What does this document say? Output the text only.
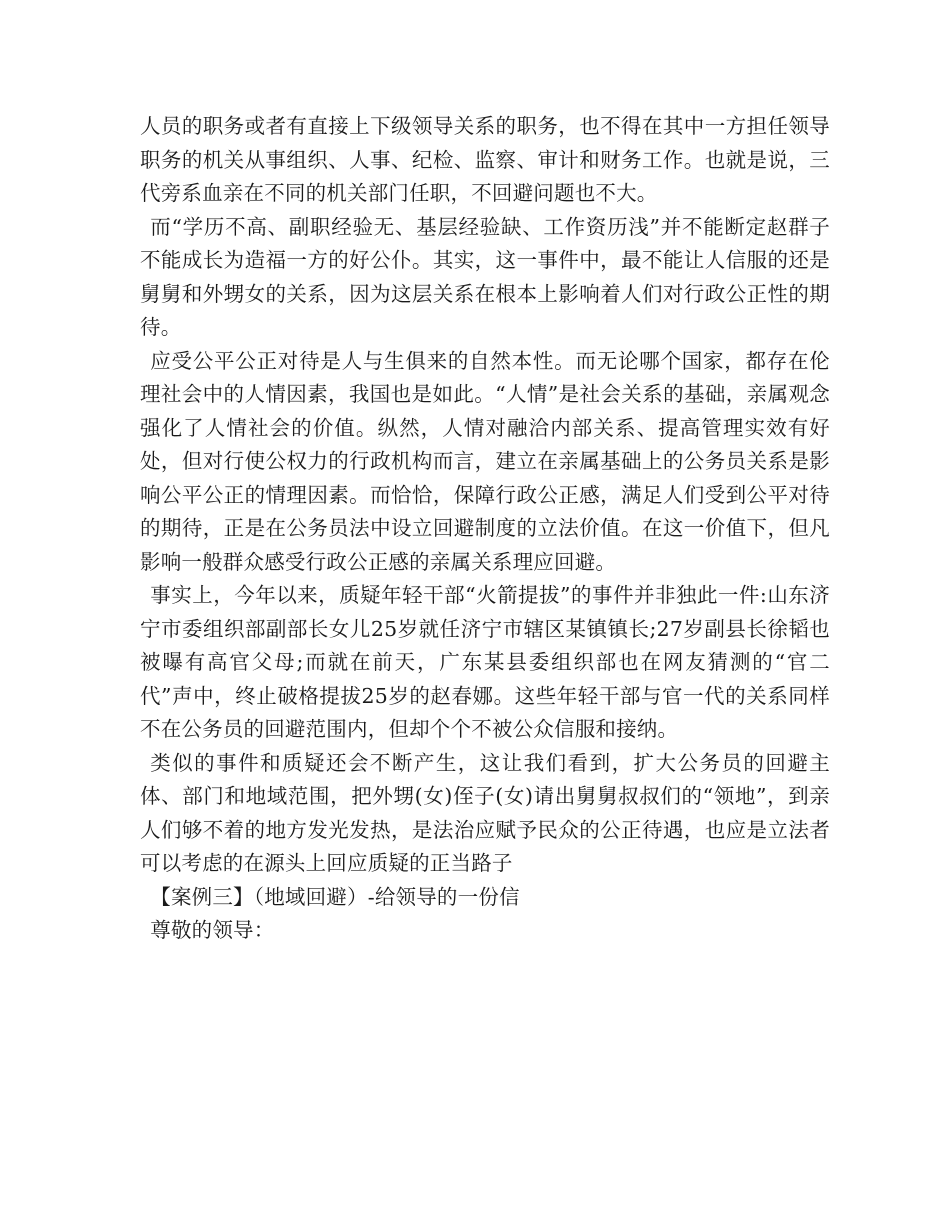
人员的职务或者有直接上下级领导关系的职务，也不得在其中一方担任领导职务的机关从事组织、人事、纪检、监察、审计和财务工作。也就是说，三代旁系血亲在不同的机关部门任职，不回避问题也不大。

而“学历不高、副职经验无、基层经验缺、工作资历浅”并不能断定赵群子不能成长为造福一方的好公仆。其实，这一事件中，最不能让人信服的还是舅舅和外甥女的关系，因为这层关系在根本上影响着人们对行政公正性的期待。

应受公平公正对待是人与生俱来的自然本性。而无论哪个国家，都存在伦理社会中的人情因素，我国也是如此。“人情”是社会关系的基础，亲属观念强化了人情社会的价值。纵然，人情对融洽内部关系、提高管理实效有好处，但对行使公权力的行政机构而言，建立在亲属基础上的公务员关系是影响公平公正的情理因素。而恰恰，保障行政公正感，满足人们受到公平对待的期待，正是在公务员法中设立回避制度的立法价值。在这一价值下，但凡影响一般群众感受行政公正感的亲属关系理应回避。

事实上，今年以来，质疑年轻干部“火箭提拔”的事件并非独此一件:山东济宁市委组织部副部长女儿25岁就任济宁市辖区某镇镇长;27岁副县长徐韬也被曝有高官父母;而就在前天，广东某县委组织部也在网友猜测的“官二代”声中，终止破格提拔25岁的赵春娜。这些年轻干部与官一代的关系同样不在公务员的回避范围内，但却个个不被公众信服和接纳。

类似的事件和质疑还会不断产生，这让我们看到，扩大公务员的回避主体、部门和地域范围，把外甥(女)侄子(女)请出舅舅叔叔们的“领地”，到亲人们够不着的地方发光发热，是法治应赋予民众的公正待遇，也应是立法者可以考虑的在源头上回应质疑的正当路子

【案例三】（地域回避）-给领导的一份信

尊敬的领导：
